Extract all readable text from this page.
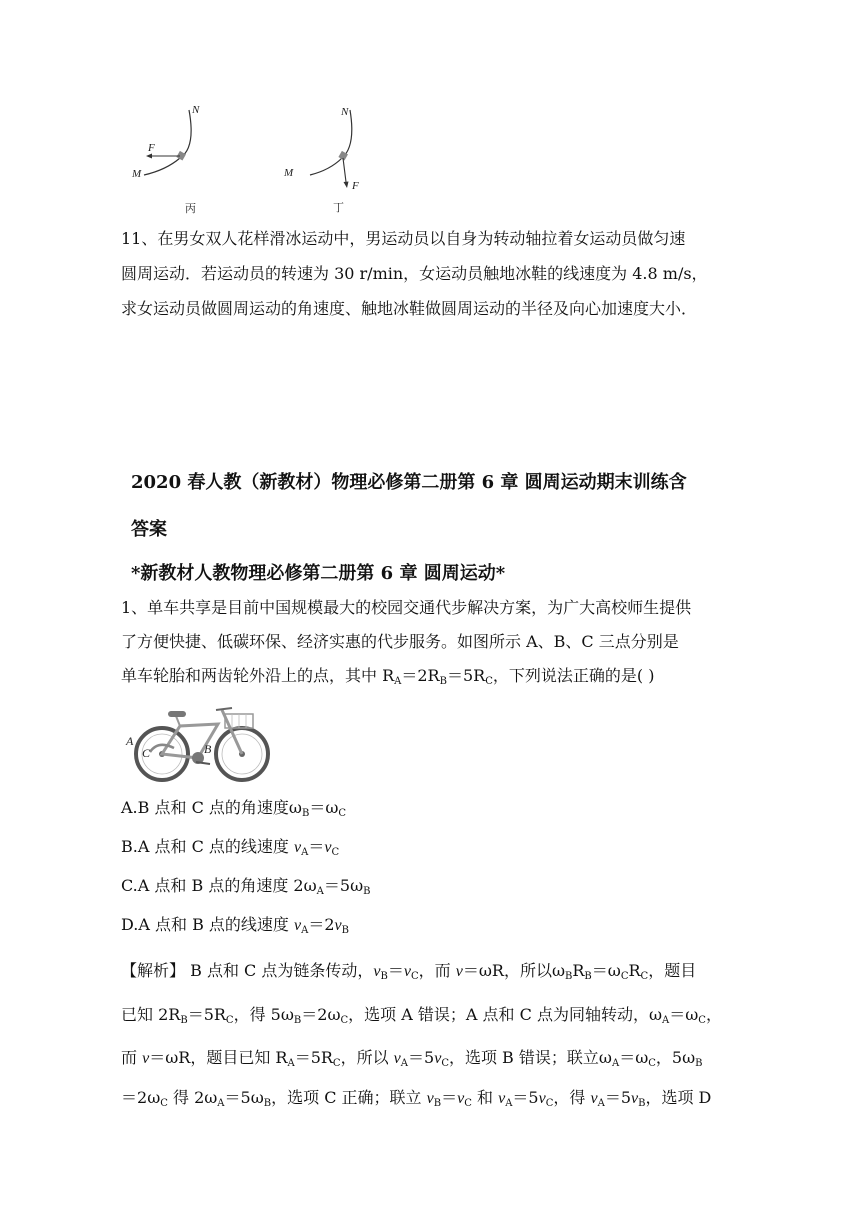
N
F
M
丙
N
M
F
丁
11、在男女双人花样滑冰运动中，男运动员以自身为转动轴拉着女运动员做匀速
圆周运动．若运动员的转速为 30 r/min，女运动员触地冰鞋的线速度为 4.8 m/s，
求女运动员做圆周运动的角速度、触地冰鞋做圆周运动的半径及向心加速度大小．
2020 春人教（新教材）物理必修第二册第 6 章 圆周运动期末训练含
答案
*新教材人教物理必修第二册第 6 章 圆周运动*
1、单车共享是目前中国规模最大的校园交通代步解决方案，为广大高校师生提供
了方便快捷、低碳环保、经济实惠的代步服务。如图所示 A、B、C 三点分别是
单车轮胎和两齿轮外沿上的点，其中 $R_A=2R_B=5R_C$，下列说法正确的是( )
A
C	B
A.B 点和 C 点的角速度$\omega_B=\omega_C$
B.A 点和 C 点的线速度 $v_A=v_C$
C.A 点和 B 点的角速度 $2\omega_A=5\omega_B$
D.A 点和 B 点的线速度 $v_A=2v_B$
【解析】 B 点和 C 点为链条传动，$v_B=v_C$，而 v＝ωR，所以$\omega_BR_B=\omega_CR_C$，题目
已知 $2R_B=5R_C$，得 $5\omega_B=2\omega_C$，选项 A 错误；A 点和 C 点为同轴转动，$\omega_A=\omega_C$，
而 v＝ωR，题目已知 $R_A=5R_C$，所以 $v_A=5v_C$，选项 B 错误；联立$\omega_A=\omega_C$，$5\omega_B$
$=2\omega_C$ 得 $2\omega_A=5\omega_B$，选项 C 正确；联立 $v_B=v_C$ 和 $v_A=5v_C$，得 $v_A=5v_B$，选项 D
